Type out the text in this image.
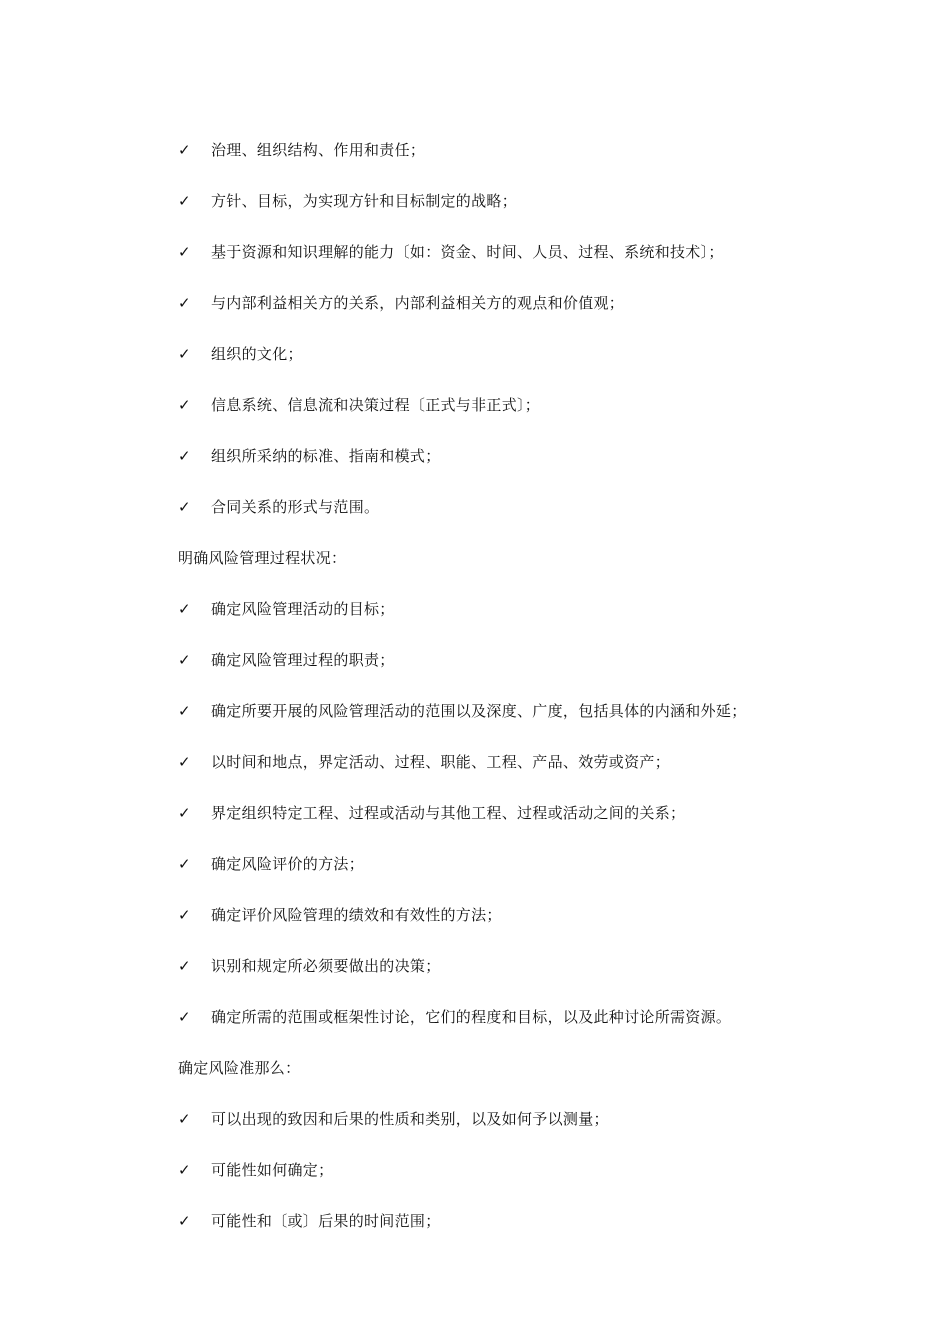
✓	治理、组织结构、作用和责任；
✓	方针、目标，为实现方针和目标制定的战略；
✓	基于资源和知识理解的能力〔如：资金、时间、人员、过程、系统和技术〕；
✓	与内部利益相关方的关系，内部利益相关方的观点和价值观；
✓	组织的文化；
✓	信息系统、信息流和决策过程〔正式与非正式〕；
✓	组织所采纳的标准、指南和模式；
✓	合同关系的形式与范围。
明确风险管理过程状况：
✓	确定风险管理活动的目标；
✓	确定风险管理过程的职责；
✓	确定所要开展的风险管理活动的范围以及深度、广度，包括具体的内涵和外延；
✓	以时间和地点，界定活动、过程、职能、工程、产品、效劳或资产；
✓	界定组织特定工程、过程或活动与其他工程、过程或活动之间的关系；
✓	确定风险评价的方法；
✓	确定评价风险管理的绩效和有效性的方法；
✓	识别和规定所必须要做出的决策；
✓	确定所需的范围或框架性讨论，它们的程度和目标，以及此种讨论所需资源。
确定风险准那么：
✓	可以出现的致因和后果的性质和类别，以及如何予以测量；
✓	可能性如何确定；
✓	可能性和〔或〕后果的时间范围；
